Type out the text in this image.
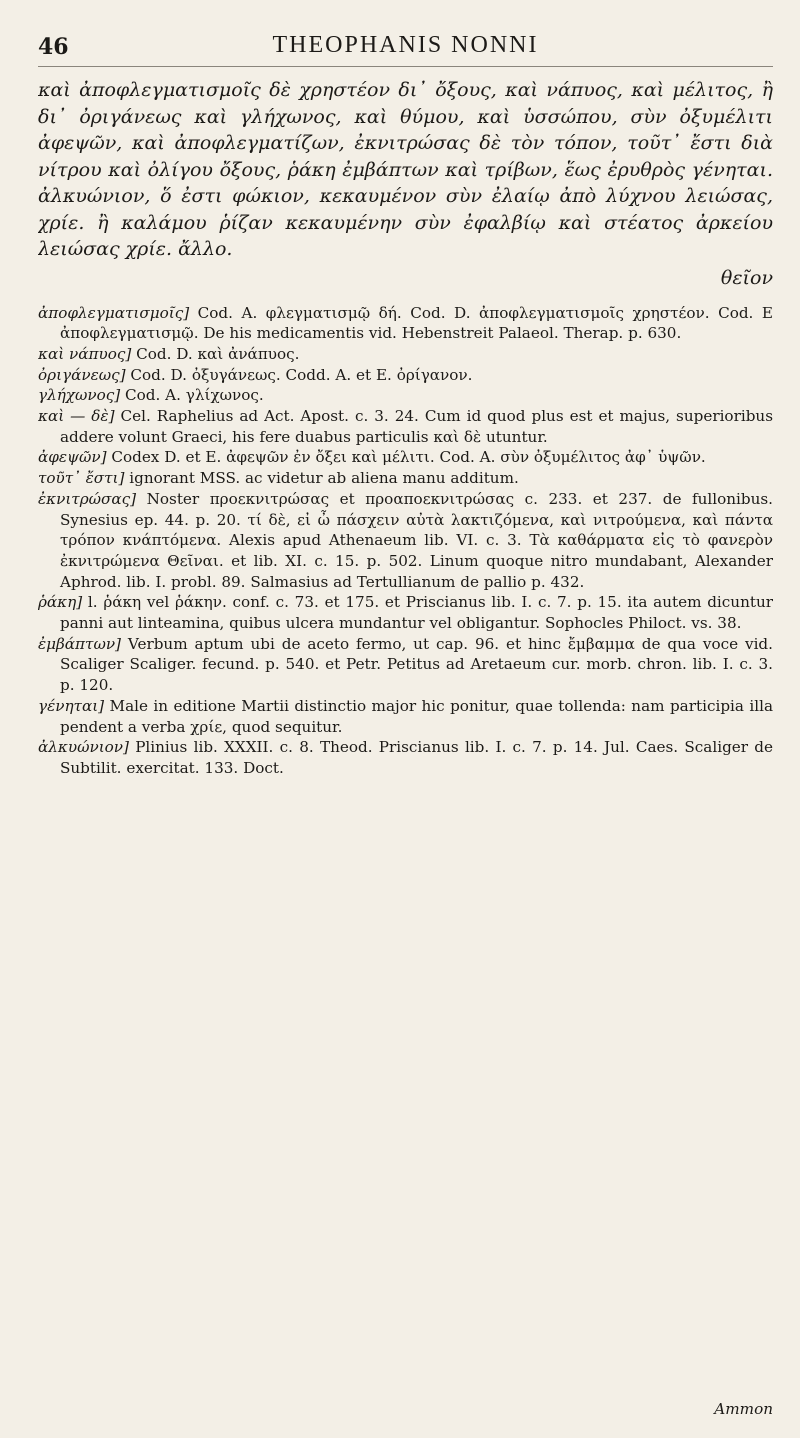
46	THEOPHANIS NONNI

καὶ ἀποφλεγματισμοῖς δὲ χρηστέον δι᾽ ὄξους, καὶ νάπυος, καὶ μέλιτος, ἢ δι᾽ ὀριγάνεως καὶ γλήχωνος, καὶ θύμου, καὶ ὑσσώπου, σὺν ὀξυμέλιτι ἀφεψῶν, καὶ ἀποφλεγματίζων, ἐκνιτρώσας δὲ τὸν τόπον, τοῦτ᾽ ἔστι διὰ νίτρου καὶ ὀλίγου ὄξους, ῥάκη ἐμβάπτων καὶ τρίβων, ἕως ἐρυθρὸς γένηται. ἀλκυώνιον, ὅ ἐστι φώκιον, κεκαυμένον σὺν ἐλαίῳ ἀπὸ λύχνου λειώσας, χρίε. ἢ καλάμου ῥίζαν κεκαυμένην σὺν ἐφαλβίῳ καὶ στέατος ἀρκείου λειώσας χρίε. ἄλλο.

θεῖον

ἀποφλεγματισμοῖς] Cod. A. φλεγματισμῷ δή. Cod. D. ἀποφλεγματισμοῖς χρηστέον. Cod. E ἀποφλεγματισμῷ. De his medicamentis vid. Hebenstreit Palaeol. Therap. p. 630.

καὶ νάπυος] Cod. D. καὶ ἀνάπυος.

ὀριγάνεως] Cod. D. ὀξυγάνεως. Codd. A. et E. ὀρίγανον.

γλήχωνος] Cod. A. γλίχωνος.

καὶ — δὲ] Cel. Raphelius ad Act. Apost. c. 3. 24. Cum id quod plus est et majus, superioribus addere volunt Graeci, his fere duabus particulis καὶ δὲ utuntur.

ἀφεψῶν] Codex D. et E. ἀφεψῶν ἐν ὄξει καὶ μέλιτι. Cod. A. σὺν ὀξυμέλιτος ἀφ᾽ ὑψῶν.

τοῦτ᾽ ἔστι] ignorant MSS. ac videtur ab aliena manu additum.

ἐκνιτρώσας] Noster προεκνιτρώσας et προαποεκνιτρώσας c. 233. et 237. de fullonibus. Synesius ep. 44. p. 20. τί δὲ, εἰ ὦ πάσχειν αὐτὰ λακτιζόμενα, καὶ νιτρούμενα, καὶ πάντα τρόπον κνάπτόμενα. Alexis apud Athenaeum lib. VI. c. 3. Τὰ καθάρματα εἰς τὸ φανερὸν ἐκνιτρώμενα Θεῖναι. et lib. XI. c. 15. p. 502. Linum quoque nitro mundabant, Alexander Aphrod. lib. I. probl. 89. Salmasius ad Tertullianum de pallio p. 432.

ῥάκη] l. ῥάκη vel ῥάκην. conf. c. 73. et 175. et Priscianus lib. I. c. 7. p. 15. ita autem dicuntur panni aut linteamina, quibus ulcera mundantur vel obligantur. Sophocles Philoct. vs. 38.

ἐμβάπτων] Verbum aptum ubi de aceto fermo, ut cap. 96. et hinc ἔμβαμμα de qua voce vid. Scaliger Scaliger. fecund. p. 540. et Petr. Petitus ad Aretaeum cur. morb. chron. lib. I. c. 3. p. 120.

γένηται] Male in editione Martii distinctio major hic ponitur, quae tollenda: nam participia illa pendent a verba χρίε, quod sequitur.

ἀλκυώνιον] Plinius lib. XXXII. c. 8. Theod. Priscianus lib. I. c. 7. p. 14. Jul. Caes. Scaliger de Subtilit. exercitat. 133. Doct.

Ammon
